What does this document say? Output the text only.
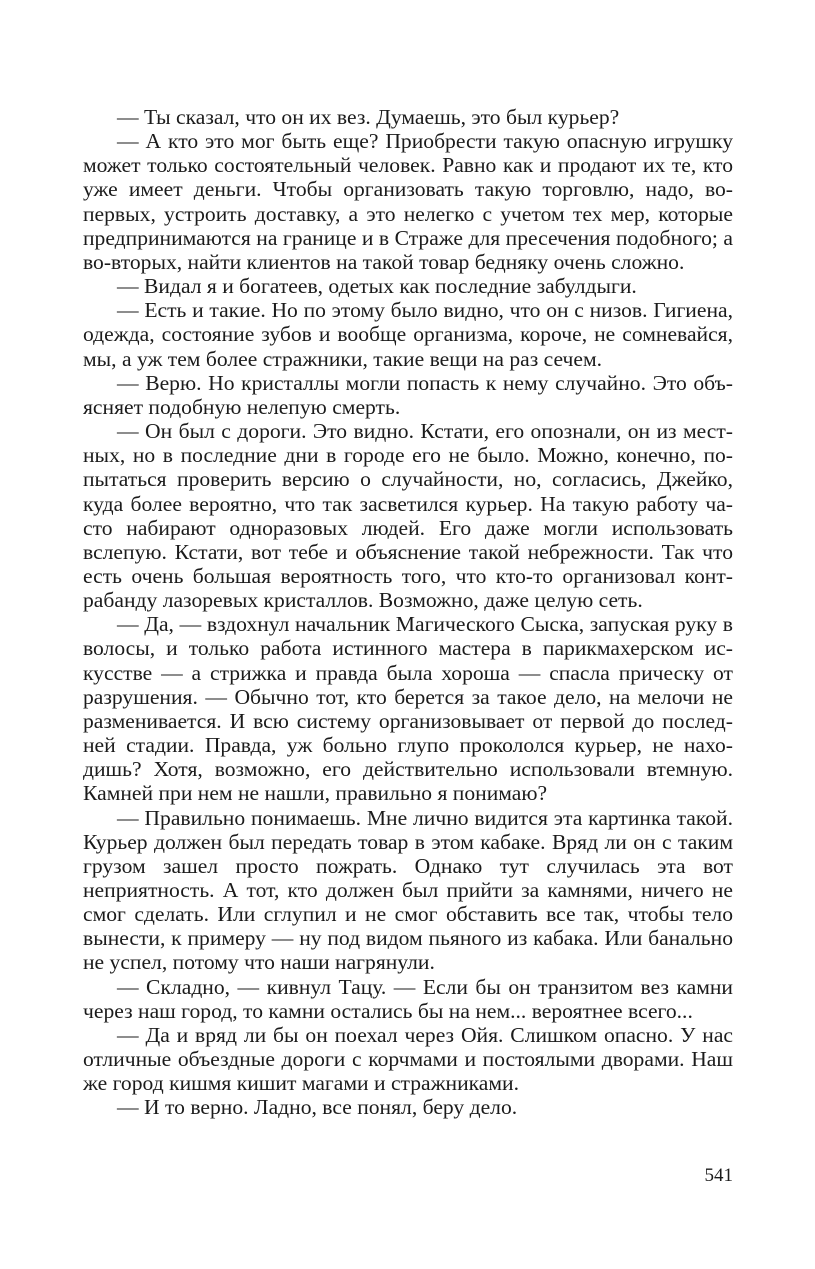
— Ты сказал, что он их вез. Думаешь, это был курьер?

— А кто это мог быть еще? Приобрести такую опасную игрушку может только состоятельный человек. Равно как и продают их те, кто уже имеет деньги. Чтобы организовать такую торговлю, надо, во-первых, устроить доставку, а это нелегко с учетом тех мер, которые предпринимаются на границе и в Страже для пресечения подобного; а во-вторых, найти клиентов на такой товар бедняку очень сложно.

— Видал я и богатеев, одетых как последние забулдыги.

— Есть и такие. Но по этому было видно, что он с низов. Гигиена, одежда, состояние зубов и вообще организма, короче, не сомневайся, мы, а уж тем более стражники, такие вещи на раз сечем.

— Верю. Но кристаллы могли попасть к нему случайно. Это объясняет подобную нелепую смерть.

— Он был с дороги. Это видно. Кстати, его опознали, он из местных, но в последние дни в городе его не было. Можно, конечно, попытаться проверить версию о случайности, но, согласись, Джейко, куда более вероятно, что так засветился курьер. На такую работу часто набирают одноразовых людей. Его даже могли использовать вслепую. Кстати, вот тебе и объяснение такой небрежности. Так что есть очень большая вероятность того, что кто-то организовал контрабанду лазоревых кристаллов. Возможно, даже целую сеть.

— Да, — вздохнул начальник Магического Сыска, запуская руку в волосы, и только работа истинного мастера в парикмахерском искусстве — а стрижка и правда была хороша — спасла прическу от разрушения. — Обычно тот, кто берется за такое дело, на мелочи не разменивается. И всю систему организовывает от первой до последней стадии. Правда, уж больно глупо прокололся курьер, не находишь? Хотя, возможно, его действительно использовали втемную. Камней при нем не нашли, правильно я понимаю?

— Правильно понимаешь. Мне лично видится эта картинка такой. Курьер должен был передать товар в этом кабаке. Вряд ли он с таким грузом зашел просто пожрать. Однако тут случилась эта вот неприятность. А тот, кто должен был прийти за камнями, ничего не смог сделать. Или сглупил и не смог обставить все так, чтобы тело вынести, к примеру — ну под видом пьяного из кабака. Или банально не успел, потому что наши нагрянули.

— Складно, — кивнул Тацу. — Если бы он транзитом вез камни через наш город, то камни остались бы на нем... вероятнее всего...

— Да и вряд ли бы он поехал через Ойя. Слишком опасно. У нас отличные объездные дороги с корчмами и постоялыми дворами. Наш же город кишмя кишит магами и стражниками.

— И то верно. Ладно, все понял, беру дело.

541
